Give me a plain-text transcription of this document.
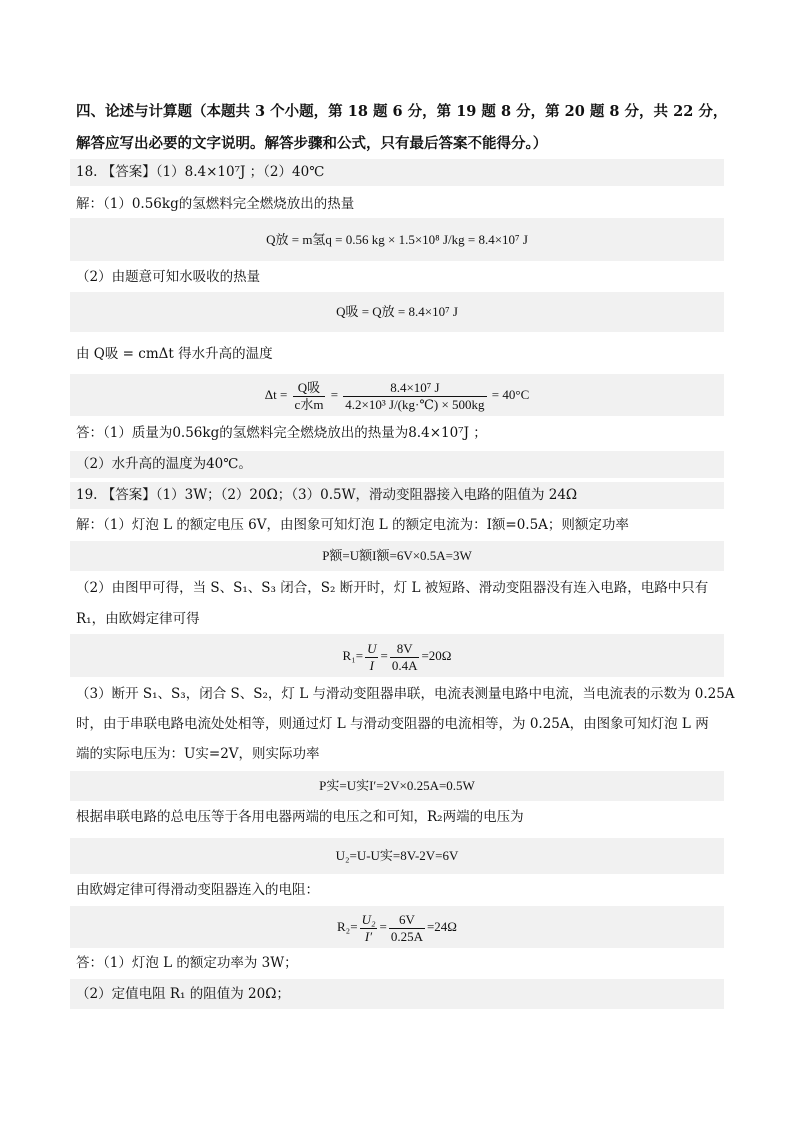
四、论述与计算题（本题共 3 个小题，第 18 题 6 分，第 19 题 8 分，第 20 题 8 分，共 22 分，
解答应写出必要的文字说明。解答步骤和公式，只有最后答案不能得分。）
18. 【答案】（1）8.4×10⁷J ；（2）40℃
解：（1）0.56kg的氢燃料完全燃烧放出的热量
Q放 = m氢q = 0.56 kg × 1.5×10⁸ J/kg = 8.4×10⁷ J
（2）由题意可知水吸收的热量
Q吸 = Q放 = 8.4×10⁷ J
由 Q吸 = cmΔt 得水升高的温度
$\Delta t = \frac{\text{Q吸}}{\text{c水m}} = \frac{\text{8.4×10⁷ J}}{\text{4.2×10³ J/(kg·℃) × 500kg}} = 40^\circ C$
答：（1）质量为0.56kg的氢燃料完全燃烧放出的热量为8.4×10⁷J ；
（2）水升高的温度为40℃。
19. 【答案】（1）3W；（2）20Ω；（3）0.5W，滑动变阻器接入电路的阻值为 24Ω
解：（1）灯泡 L 的额定电压 6V，由图象可知灯泡 L 的额定电流为：I额=0.5A；则额定功率
P额=U额I额=6V×0.5A=3W
（2）由图甲可得，当 S、S₁、S₃ 闭合，S₂ 断开时，灯 L 被短路、滑动变阻器没有连入电路，电路中只有
R₁，由欧姆定律可得
$R_1= \frac{U}{I} = \frac{8V}{0.4A} =20\Omega$
（3）断开 S₁、S₃，闭合 S、S₂，灯 L 与滑动变阻器串联，电流表测量电路中电流，当电流表的示数为 0.25A
时，由于串联电路电流处处相等，则通过灯 L 与滑动变阻器的电流相等，为 0.25A，由图象可知灯泡 L 两
端的实际电压为：U实=2V，则实际功率
P实=U实I′=2V×0.25A=0.5W
根据串联电路的总电压等于各用电器两端的电压之和可知，R₂两端的电压为
U₂=U-U实=8V-2V=6V
由欧姆定律可得滑动变阻器连入的电阻：
$R_2= \frac{\text{U₂}}{I'} = \frac{6V}{0.25A} =24\Omega$
答：（1）灯泡 L 的额定功率为 3W；
（2）定值电阻 R₁ 的阻值为 20Ω；
